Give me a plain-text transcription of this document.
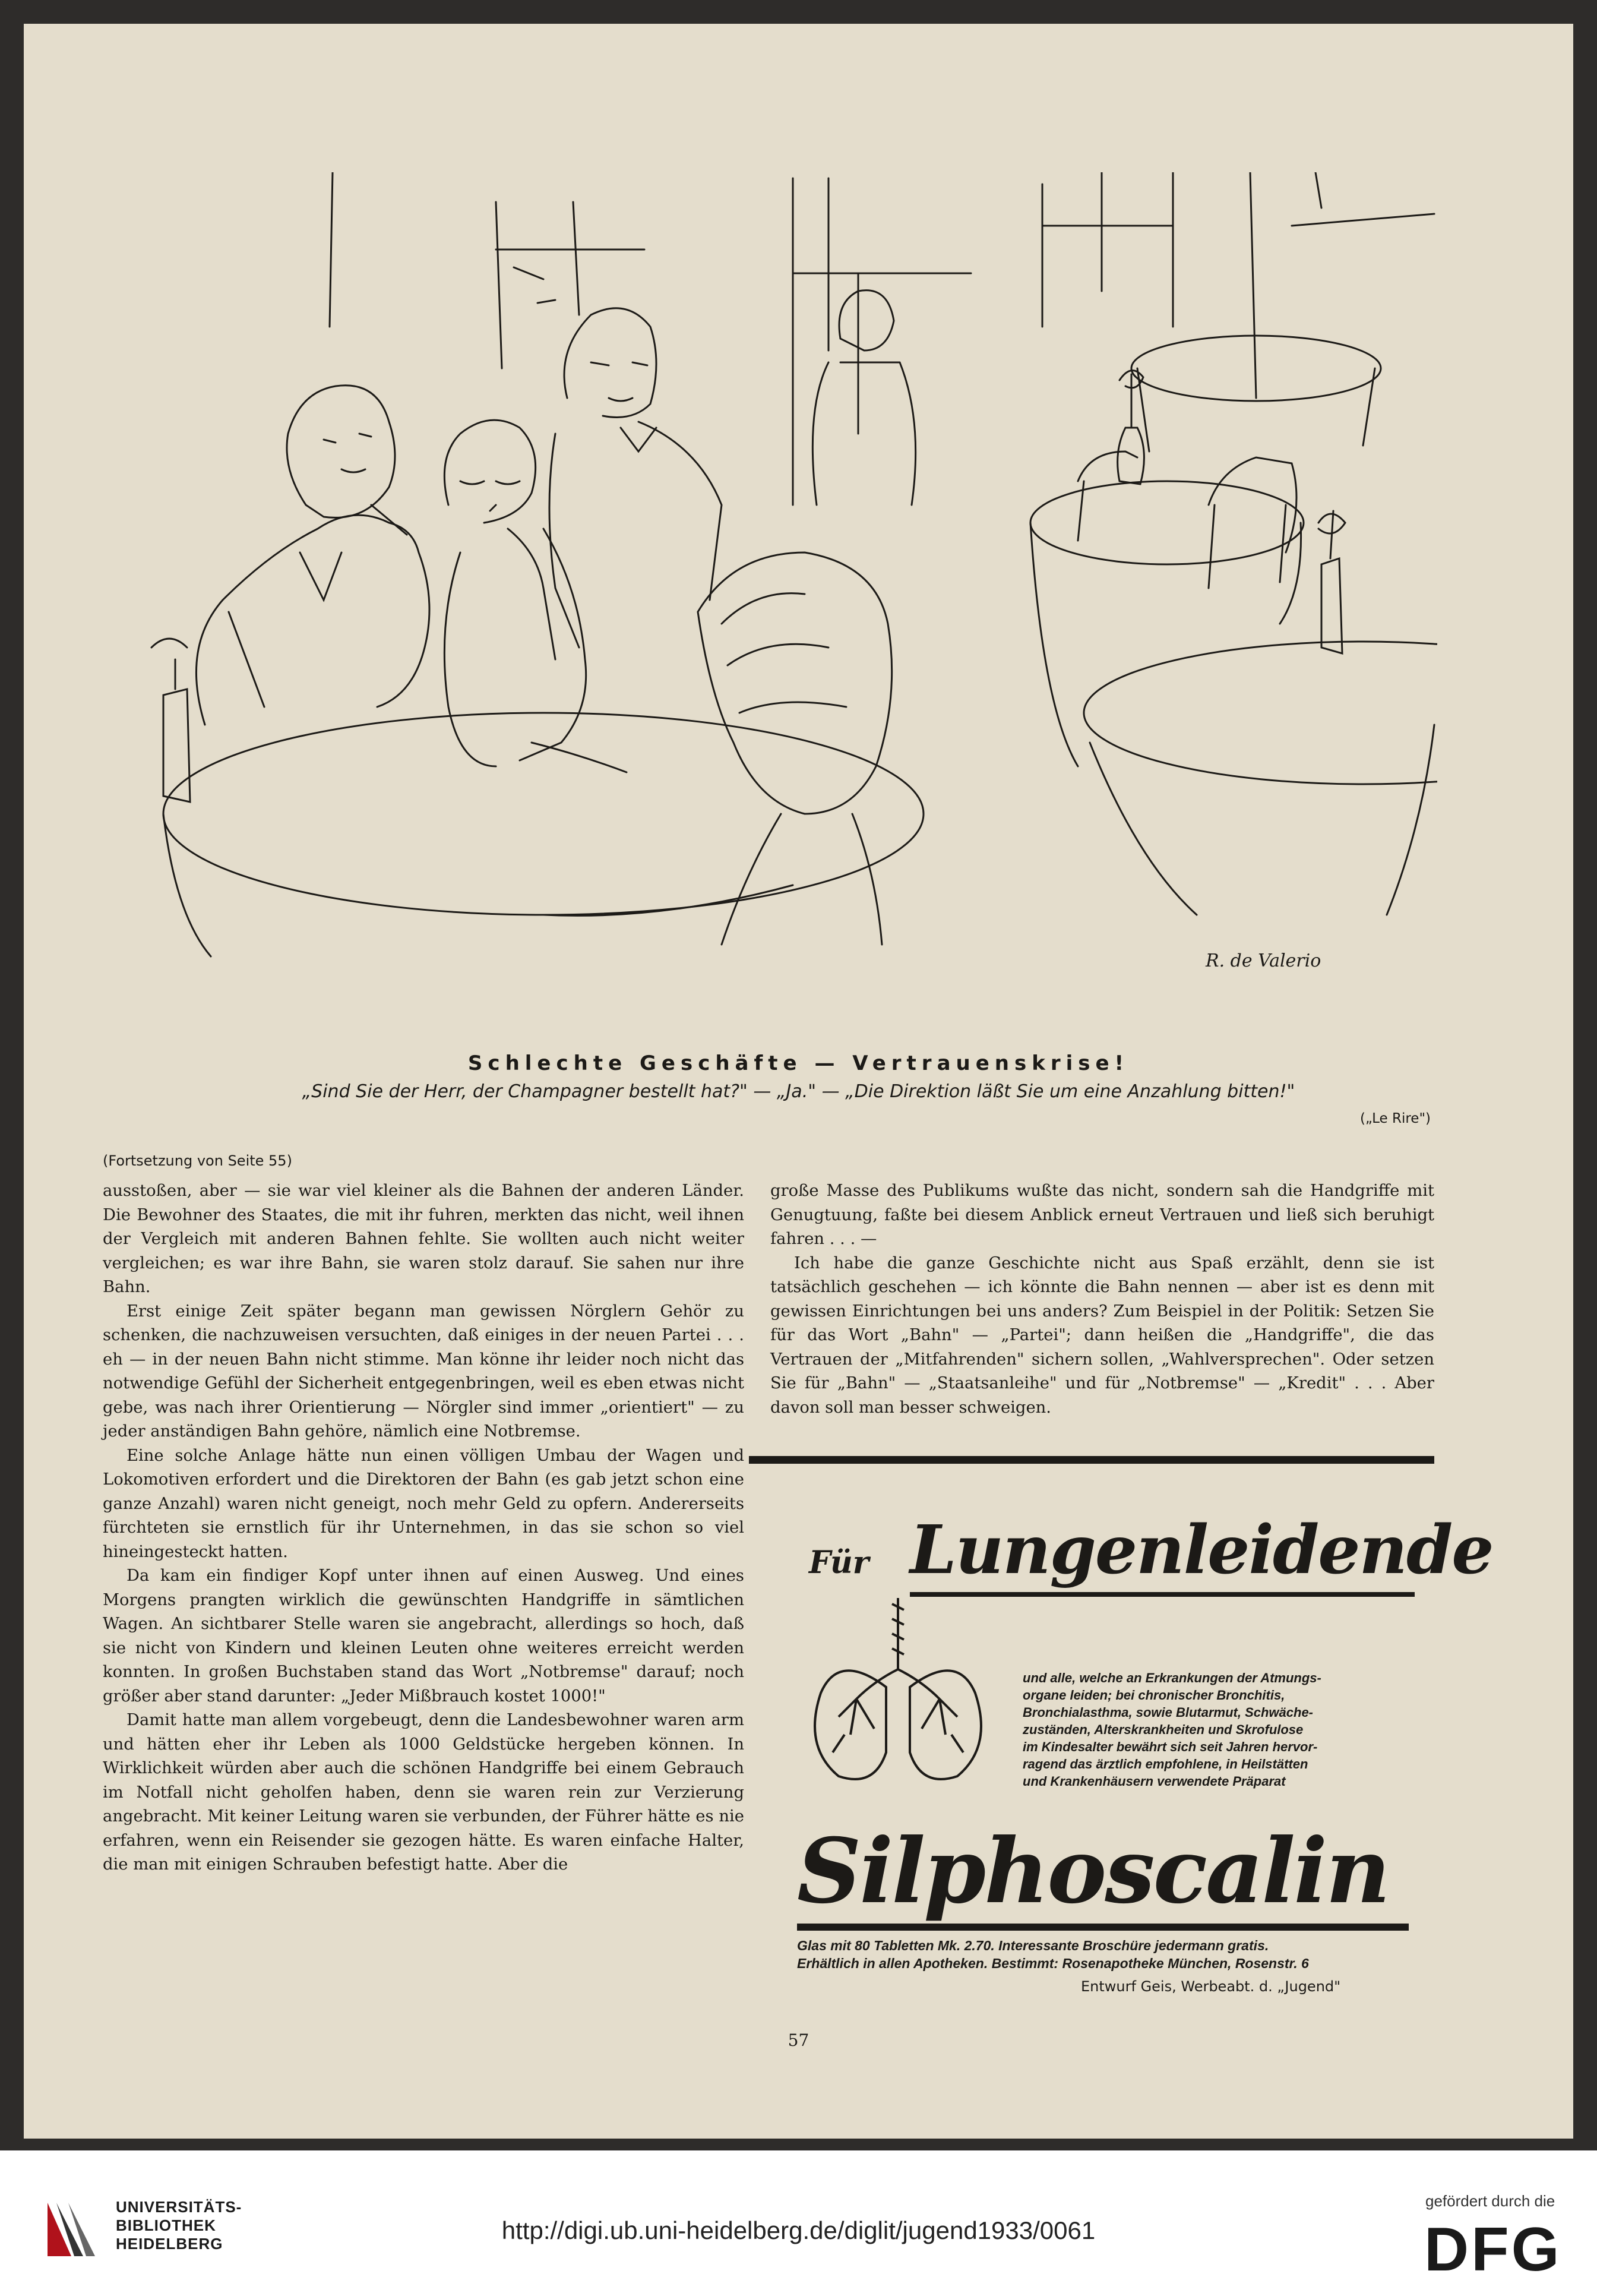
R. de Valerio
Schlechte Geschäfte — Vertrauenskrise!
„Sind Sie der Herr, der Champagner bestellt hat?" — „Ja." — „Die Direktion läßt Sie um eine Anzahlung bitten!"
(„Le Rire")
(Fortsetzung von Seite 55)

ausstoßen, aber — sie war viel kleiner als die Bahnen der anderen Länder. Die Bewohner des Staates, die mit ihr fuhren, merkten das nicht, weil ihnen der Vergleich mit anderen Bahnen fehlte. Sie wollten auch nicht weiter vergleichen; es war ihre Bahn, sie waren stolz darauf. Sie sahen nur ihre Bahn.

Erst einige Zeit später begann man gewissen Nörglern Gehör zu schenken, die nachzuweisen versuchten, daß einiges in der neuen Partei . . . eh — in der neuen Bahn nicht stimme. Man könne ihr leider noch nicht das notwendige Gefühl der Sicherheit entgegenbringen, weil es eben etwas nicht gebe, was nach ihrer Orientierung — Nörgler sind immer „orientiert" — zu jeder anständigen Bahn gehöre, nämlich eine Notbremse.

Eine solche Anlage hätte nun einen völligen Umbau der Wagen und Lokomotiven erfordert und die Direktoren der Bahn (es gab jetzt schon eine ganze Anzahl) waren nicht geneigt, noch mehr Geld zu opfern. Andererseits fürchteten sie ernstlich für ihr Unternehmen, in das sie schon so viel hineingesteckt hatten.

Da kam ein findiger Kopf unter ihnen auf einen Ausweg. Und eines Morgens prangten wirklich die gewünschten Handgriffe in sämtlichen Wagen. An sichtbarer Stelle waren sie angebracht, allerdings so hoch, daß sie nicht von Kindern und kleinen Leuten ohne weiteres erreicht werden konnten. In großen Buchstaben stand das Wort „Notbremse" darauf; noch größer aber stand darunter: „Jeder Mißbrauch kostet 1000!"

Damit hatte man allem vorgebeugt, denn die Landesbewohner waren arm und hätten eher ihr Leben als 1000 Geldstücke hergeben können. In Wirklichkeit würden aber auch die schönen Handgriffe bei einem Gebrauch im Notfall nicht geholfen haben, denn sie waren rein zur Verzierung angebracht. Mit keiner Leitung waren sie verbunden, der Führer hätte es nie erfahren, wenn ein Reisender sie gezogen hätte. Es waren einfache Halter, die man mit einigen Schrauben befestigt hatte. Aber die

große Masse des Publikums wußte das nicht, sondern sah die Handgriffe mit Genugtuung, faßte bei diesem Anblick erneut Vertrauen und ließ sich beruhigt fahren . . . —

Ich habe die ganze Geschichte nicht aus Spaß erzählt, denn sie ist tatsächlich geschehen — ich könnte die Bahn nennen — aber ist es denn mit gewissen Einrichtungen bei uns anders? Zum Beispiel in der Politik: Setzen Sie für das Wort „Bahn" — „Partei"; dann heißen die „Handgriffe", die das Vertrauen der „Mitfahrenden" sichern sollen, „Wahlversprechen". Oder setzen Sie für „Bahn" — „Staatsanleihe" und für „Notbremse" — „Kredit" . . . Aber davon soll man besser schweigen.

Für Lungenleidende
und alle, welche an Erkrankungen der Atmungs-
organe leiden; bei chronischer Bronchitis,
Bronchialasthma, sowie Blutarmut, Schwäche-
zuständen, Alterskrankheiten und Skrofulose
im Kindesalter bewährt sich seit Jahren hervor-
ragend das ärztlich empfohlene, in Heilstätten
und Krankenhäusern verwendete Präparat
Silphoscalin
Glas mit 80 Tabletten Mk. 2.70. Interessante Broschüre jedermann gratis.
Erhältlich in allen Apotheken. Bestimmt: Rosenapotheke München, Rosenstr. 6
Entwurf Geis, Werbeabt. d. „Jugend"
57
UNIVERSITÄTS-
BIBLIOTHEK
HEIDELBERG	http://digi.ub.uni-heidelberg.de/diglit/jugend1933/0061
gefördert durch die
DFG
